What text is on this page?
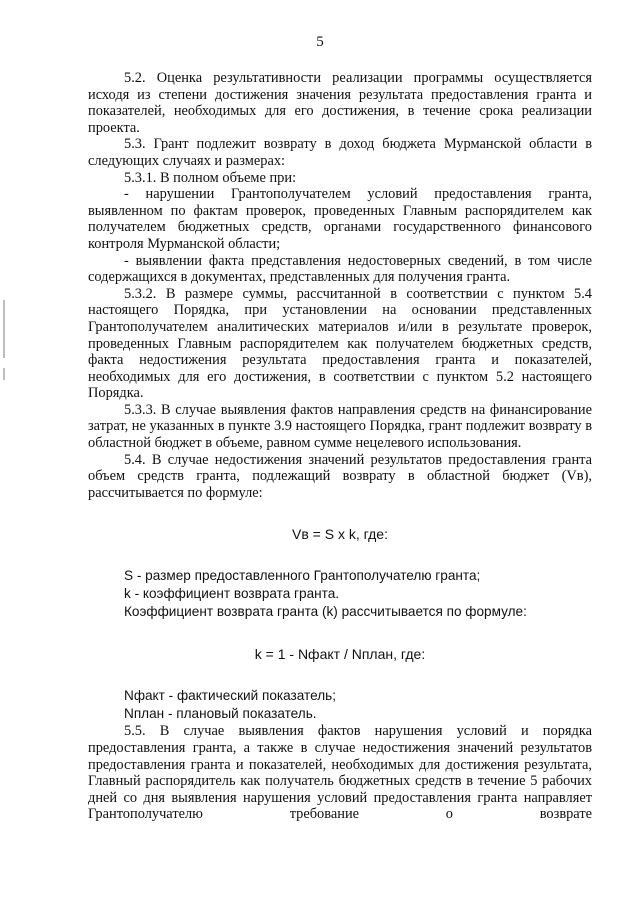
5

5.2. Оценка результативности реализации программы осуществляется исходя из степени достижения значения результата предоставления гранта и показателей, необходимых для его достижения, в течение срока реализации проекта.

5.3. Грант подлежит возврату в доход бюджета Мурманской области в следующих случаях и размерах:

5.3.1. В полном объеме при:

- нарушении Грантополучателем условий предоставления гранта, выявленном по фактам проверок, проведенных Главным распорядителем как получателем бюджетных средств, органами государственного финансового контроля Мурманской области;

- выявлении факта представления недостоверных сведений, в том числе содержащихся в документах, представленных для получения гранта.

5.3.2. В размере суммы, рассчитанной в соответствии с пунктом 5.4 настоящего Порядка, при установлении на основании представленных Грантополучателем аналитических материалов и/или в результате проверок, проведенных Главным распорядителем как получателем бюджетных средств, факта недостижения результата предоставления гранта и показателей, необходимых для его достижения, в соответствии с пунктом 5.2 настоящего Порядка.

5.3.3. В случае выявления фактов направления средств на финансирование затрат, не указанных в пункте 3.9 настоящего Порядка, грант подлежит возврату в областной бюджет в объеме, равном сумме нецелевого использования.

5.4. В случае недостижения значений результатов предоставления гранта объем средств гранта, подлежащий возврату в областной бюджет (Vв), рассчитывается по формуле:

Vв = S x k, где:

S - размер предоставленного Грантополучателю гранта;

k - коэффициент возврата гранта.

Коэффициент возврата гранта (k) рассчитывается по формуле:

k = 1 - Nфакт / Nплан, где:

Nфакт - фактический показатель;

Nплан - плановый показатель.

5.5. В случае выявления фактов нарушения условий и порядка предоставления гранта, а также в случае недостижения значений результатов предоставления гранта и показателей, необходимых для достижения результата, Главный распорядитель как получатель бюджетных средств в течение 5 рабочих дней со дня выявления нарушения условий предоставления гранта направляет Грантополучателю требование о возврате
